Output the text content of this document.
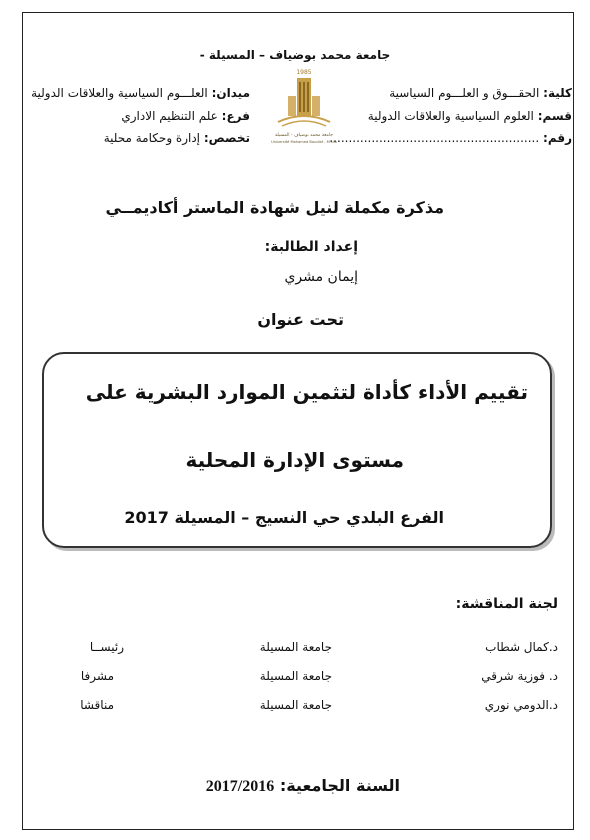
جامعة محمد بوضياف – المسيلة -
كلية: الحقـــوق و العلـــوم السياسية
قسم: العلوم السياسية والعلاقات الدولية
رقم: .......................................................
1985
جامعة محمد بوضياف - المسيلة
Université Mohamed Boudiaf - M'sila
ميدان: العلـــوم السياسية والعلاقات الدولية
فرع: علم التنظيم الاداري
تخصص: إدارة وحكامة محلية
مذكرة مكملة لنيل شهادة الماستر أكاديمــي
إعداد الطالبة:
إيمان مشري
تحت عنوان
تقييم الأداء كأداة لتثمين الموارد البشرية على
مستوى الإدارة المحلية
الفرع البلدي حي النسيج – المسيلة 2017
لجنة المناقشة:
د.كمال شطاب
جامعة المسيلة
رئيســا
د. فوزية شرقي
جامعة المسيلة
مشرفا
د.الدومي نوري
جامعة المسيلة
مناقشا
السنة الجامعية: 2017/2016
